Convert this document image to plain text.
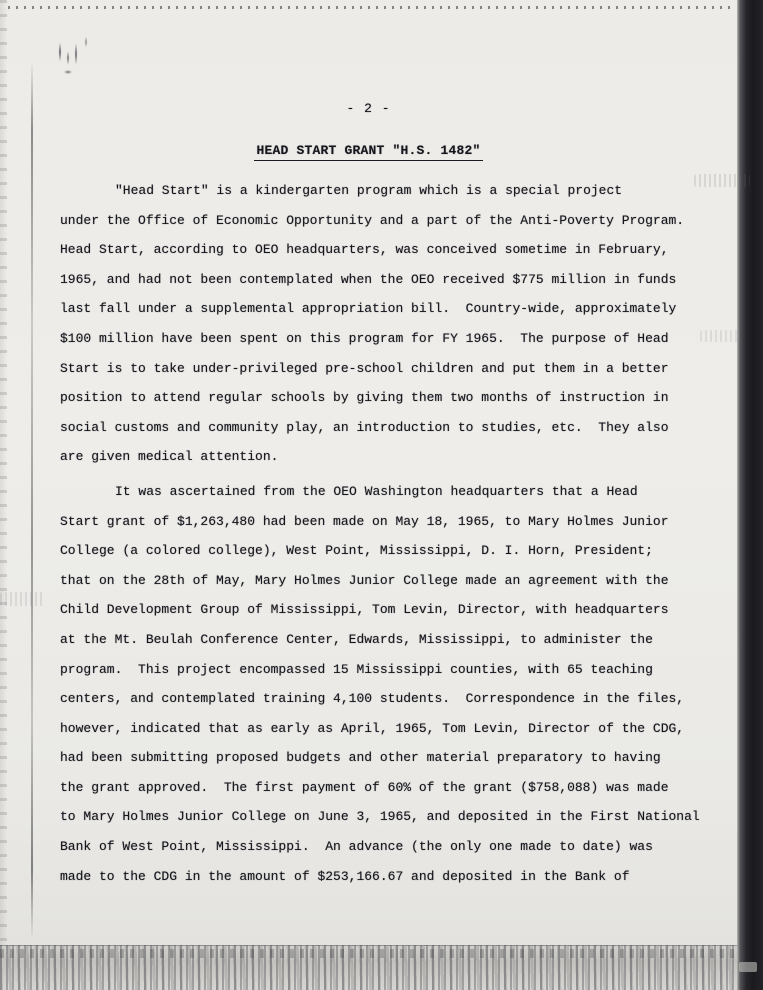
- 2 -
HEAD START GRANT "H.S. 1482"
"Head Start" is a kindergarten program which is a special project
under the Office of Economic Opportunity and a part of the Anti-Poverty Program.
Head Start, according to OEO headquarters, was conceived sometime in February,
1965, and had not been contemplated when the OEO received $775 million in funds
last fall under a supplemental appropriation bill.  Country-wide, approximately
$100 million have been spent on this program for FY 1965.  The purpose of Head
Start is to take under-privileged pre-school children and put them in a better
position to attend regular schools by giving them two months of instruction in
social customs and community play, an introduction to studies, etc.  They also
are given medical attention.
It was ascertained from the OEO Washington headquarters that a Head
Start grant of $1,263,480 had been made on May 18, 1965, to Mary Holmes Junior
College (a colored college), West Point, Mississippi, D. I. Horn, President;
that on the 28th of May, Mary Holmes Junior College made an agreement with the
Child Development Group of Mississippi, Tom Levin, Director, with headquarters
at the Mt. Beulah Conference Center, Edwards, Mississippi, to administer the
program.  This project encompassed 15 Mississippi counties, with 65 teaching
centers, and contemplated training 4,100 students.  Correspondence in the files,
however, indicated that as early as April, 1965, Tom Levin, Director of the CDG,
had been submitting proposed budgets and other material preparatory to having
the grant approved.  The first payment of 60% of the grant ($758,088) was made
to Mary Holmes Junior College on June 3, 1965, and deposited in the First National
Bank of West Point, Mississippi.  An advance (the only one made to date) was
made to the CDG in the amount of $253,166.67 and deposited in the Bank of
